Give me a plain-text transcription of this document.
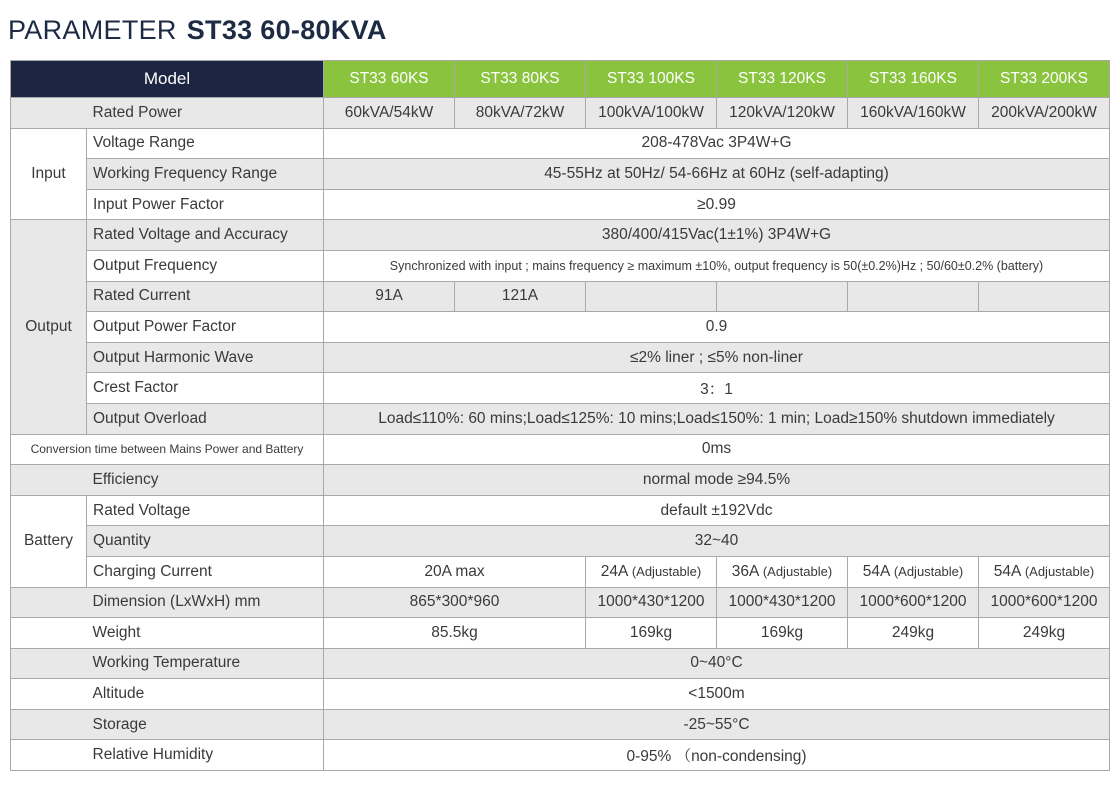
PARAMETER ST33 60-80KVA
Model		ST33 60KS	ST33 80KS	ST33 100KS	ST33 120KS	ST33 160KS	ST33 200KS
	Rated Power	60kVA/54kW	80kVA/72kW	100kVA/100kW	120kVA/120kW	160kVA/160kW	200kVA/200kW
Input	Voltage Range	208-478Vac 3P4W+G					
	Working Frequency Range	45-55Hz at 50Hz/ 54-66Hz at 60Hz (self-adapting)					
	Input Power Factor	≥0.99					
Output	Rated Voltage and Accuracy	380/400/415Vac(1±1%) 3P4W+G					
	Output Frequency	Synchronized with input ; mains frequency ≥ maximum ±10%, output frequency is 50(±0.2%)Hz ; 50/60±0.2% (battery)					
	Rated Current	91A	121A				
	Output Power Factor	0.9					
	Output Harmonic Wave	≤2% liner ; ≤5% non-liner					
	Crest Factor	3：1					
	Output Overload	Load≤110%: 60 mins;Load≤125%: 10 mins;Load≤150%: 1 min; Load≥150% shutdown immediately					
Conversion time between Mains Power and Battery		0ms					
	Efficiency	normal mode ≥94.5%					
Battery	Rated Voltage	default ±192Vdc					
	Quantity	32~40					
	Charging Current	20A max		24A (Adjustable)	36A (Adjustable)	54A (Adjustable)	54A (Adjustable)
	Dimension (LxWxH) mm	865*300*960		1000*430*1200	1000*430*1200	1000*600*1200	1000*600*1200
	Weight	85.5kg		169kg	169kg	249kg	249kg
	Working Temperature	0~40°C					
	Altitude	<1500m					
	Storage	-25~55°C					
	Relative Humidity	0-95% （non-condensing)					
